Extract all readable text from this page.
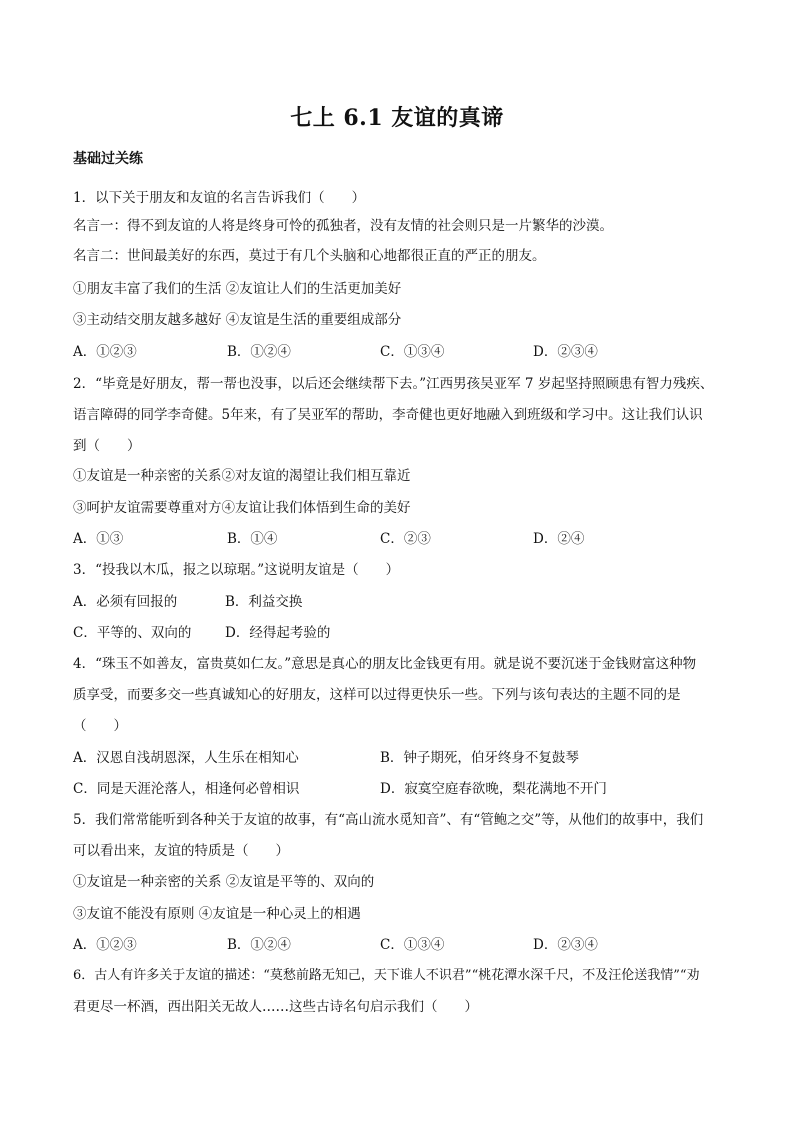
七上 6.1 友谊的真谛
基础过关练
1．以下关于朋友和友谊的名言告诉我们（　　）
名言一：得不到友谊的人将是终身可怜的孤独者，没有友情的社会则只是一片繁华的沙漠。
名言二：世间最美好的东西，莫过于有几个头脑和心地都很正直的严正的朋友。
①朋友丰富了我们的生活 ②友谊让人们的生活更加美好
③主动结交朋友越多越好 ④友谊是生活的重要组成部分
A．①②③	B．①②④	C．①③④	D．②③④
2．“毕竟是好朋友，帮一帮也没事，以后还会继续帮下去。”江西男孩吴亚军 7 岁起坚持照顾患有智力残疾、
语言障碍的同学李奇健。5年来，有了吴亚军的帮助，李奇健也更好地融入到班级和学习中。这让我们认识
到（　　）
①友谊是一种亲密的关系②对友谊的渴望让我们相互靠近
③呵护友谊需要尊重对方④友谊让我们体悟到生命的美好
A．①③	B．①④	C．②③	D．②④
3．“投我以木瓜，报之以琼琚。”这说明友谊是（　　）
A．必须有回报的	B．利益交换
C．平等的、双向的 D．经得起考验的
4．“珠玉不如善友，富贵莫如仁友。”意思是真心的朋友比金钱更有用。就是说不要沉迷于金钱财富这种物
质享受，而要多交一些真诚知心的好朋友，这样可以过得更快乐一些。下列与该句表达的主题不同的是
（　　）
A．汉恩自浅胡恩深，人生乐在相知心	B．钟子期死，伯牙终身不复鼓琴
C．同是天涯沦落人，相逢何必曾相识	D．寂寞空庭春欲晚，梨花满地不开门
5．我们常常能听到各种关于友谊的故事，有“高山流水觅知音”、有“管鲍之交”等，从他们的故事中，我们
可以看出来，友谊的特质是（　　）
①友谊是一种亲密的关系 ②友谊是平等的、双向的
③友谊不能没有原则 ④友谊是一种心灵上的相遇
A．①②③	B．①②④	C．①③④	D．②③④
6．古人有许多关于友谊的描述：“莫愁前路无知己，天下谁人不识君”“桃花潭水深千尺，不及汪伦送我情”“劝
君更尽一杯酒，西出阳关无故人……这些古诗名句启示我们（　　）
